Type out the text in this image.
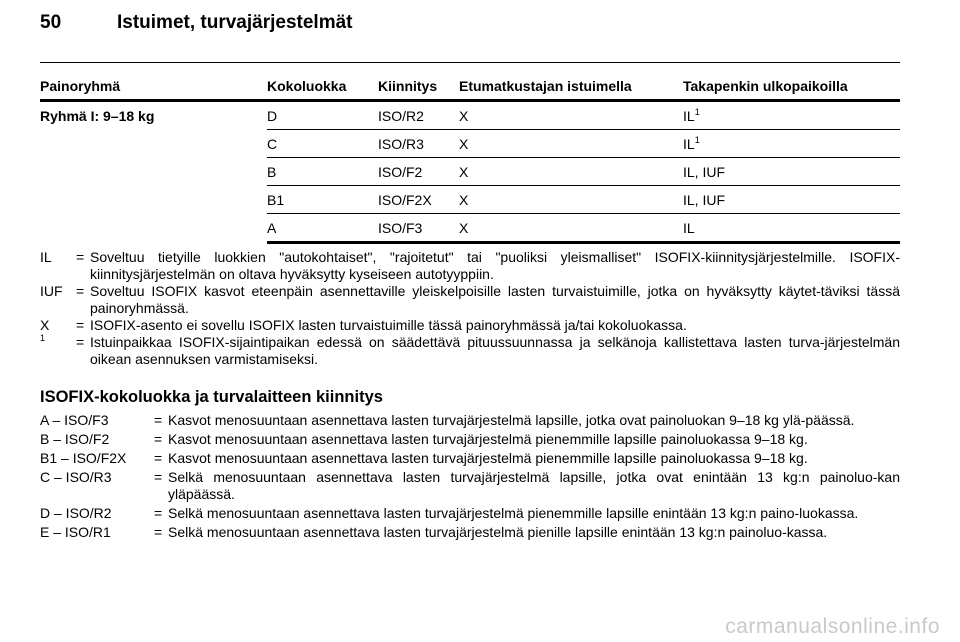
50	Istuimet, turvajärjestelmät
Painoryhmä	Kokoluokka	Kiinnitys	Etumatkustajan istuimella	Takapenkin ulkopaikoilla
Ryhmä I: 9–18 kg	D	ISO/R2	X	$IL^1$
	C	ISO/R3	X	$IL^1$
	B	ISO/F2	X	IL, IUF
	B1	ISO/F2X	X	IL, IUF
	A	ISO/F3	X	IL
IL	= Soveltuu tietyille luokkien "autokohtaiset", "rajoitetut" tai "puoliksi yleismalliset" ISOFIX-kiinnitysjärjestelmille. ISOFIX-kiinnitysjärjestelmän on oltava hyväksytty kyseiseen autotyyppiin.
IUF = Soveltuu ISOFIX kasvot eteenpäin asennettaville yleiskelpoisille lasten turvaistuimille, jotka on hyväksytty käytet-täviksi tässä painoryhmässä.
X	= ISOFIX-asento ei sovellu ISOFIX lasten turvaistuimille tässä painoryhmässä ja/tai kokoluokassa.
$^1$	= Istuinpaikkaa ISOFIX-sijaintipaikan edessä on säädettävä pituussuunnassa ja selkänoja kallistettava lasten turva-järjestelmän oikean asennuksen varmistamiseksi.
ISOFIX-kokoluokka ja turvalaitteen kiinnitys
A – ISO/F3	= Kasvot menosuuntaan asennettava lasten turvajärjestelmä lapsille, jotka ovat painoluokan 9–18 kg ylä-päässä.
B – ISO/F2	= Kasvot menosuuntaan asennettava lasten turvajärjestelmä pienemmille lapsille painoluokassa 9–18 kg.
B1 – ISO/F2X	= Kasvot menosuuntaan asennettava lasten turvajärjestelmä pienemmille lapsille painoluokassa 9–18 kg.
C – ISO/R3	= Selkä menosuuntaan asennettava lasten turvajärjestelmä lapsille, jotka ovat enintään 13 kg:n painoluo-kan yläpäässä.
D – ISO/R2	= Selkä menosuuntaan asennettava lasten turvajärjestelmä pienemmille lapsille enintään 13 kg:n paino-luokassa.
E – ISO/R1	= Selkä menosuuntaan asennettava lasten turvajärjestelmä pienille lapsille enintään 13 kg:n painoluo-kassa.
carmanualsonline.info
